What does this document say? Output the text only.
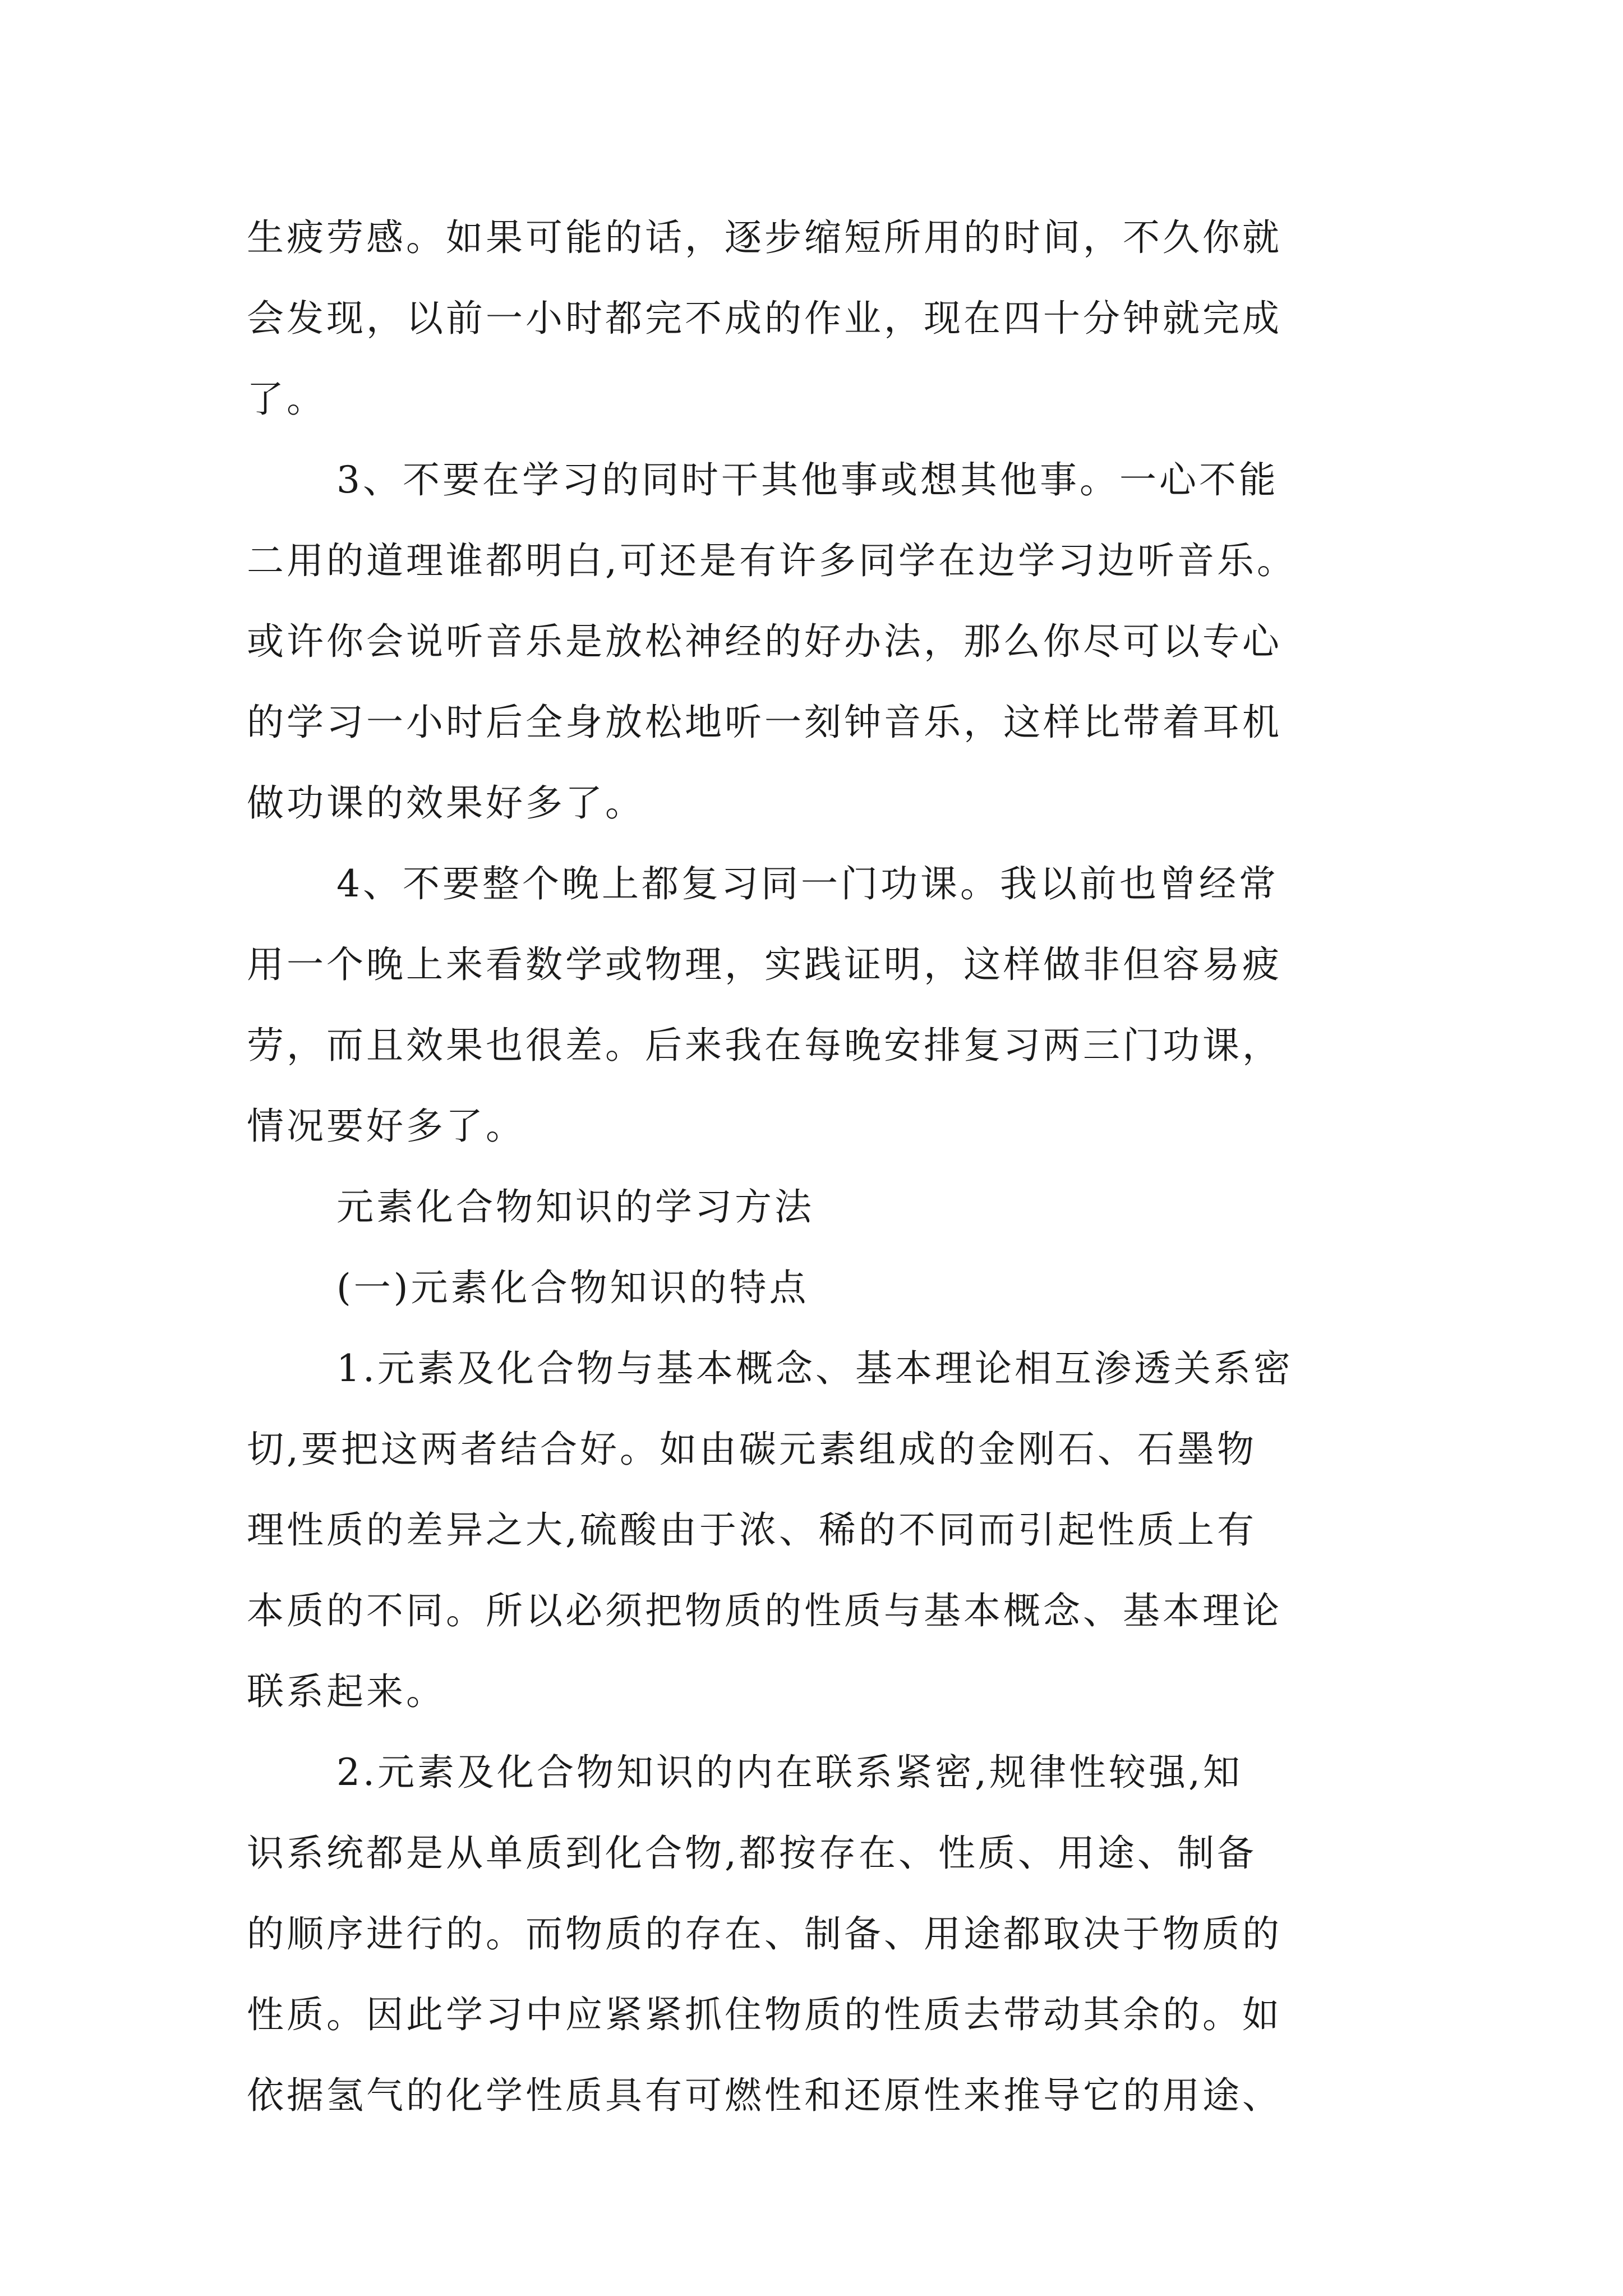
生疲劳感。如果可能的话，逐步缩短所用的时间，不久你就
会发现，以前一小时都完不成的作业，现在四十分钟就完成
了。
3、不要在学习的同时干其他事或想其他事。一心不能
二用的道理谁都明白,可还是有许多同学在边学习边听音乐。
或许你会说听音乐是放松神经的好办法，那么你尽可以专心
的学习一小时后全身放松地听一刻钟音乐，这样比带着耳机
做功课的效果好多了。
4、不要整个晚上都复习同一门功课。我以前也曾经常
用一个晚上来看数学或物理，实践证明，这样做非但容易疲
劳，而且效果也很差。后来我在每晚安排复习两三门功课，
情况要好多了。
元素化合物知识的学习方法
(一)元素化合物知识的特点
1.元素及化合物与基本概念、基本理论相互渗透关系密
切,要把这两者结合好。如由碳元素组成的金刚石、石墨物
理性质的差异之大,硫酸由于浓、稀的不同而引起性质上有
本质的不同。所以必须把物质的性质与基本概念、基本理论
联系起来。
2.元素及化合物知识的内在联系紧密,规律性较强,知
识系统都是从单质到化合物,都按存在、性质、用途、制备
的顺序进行的。而物质的存在、制备、用途都取决于物质的
性质。因此学习中应紧紧抓住物质的性质去带动其余的。如
依据氢气的化学性质具有可燃性和还原性来推导它的用途、
